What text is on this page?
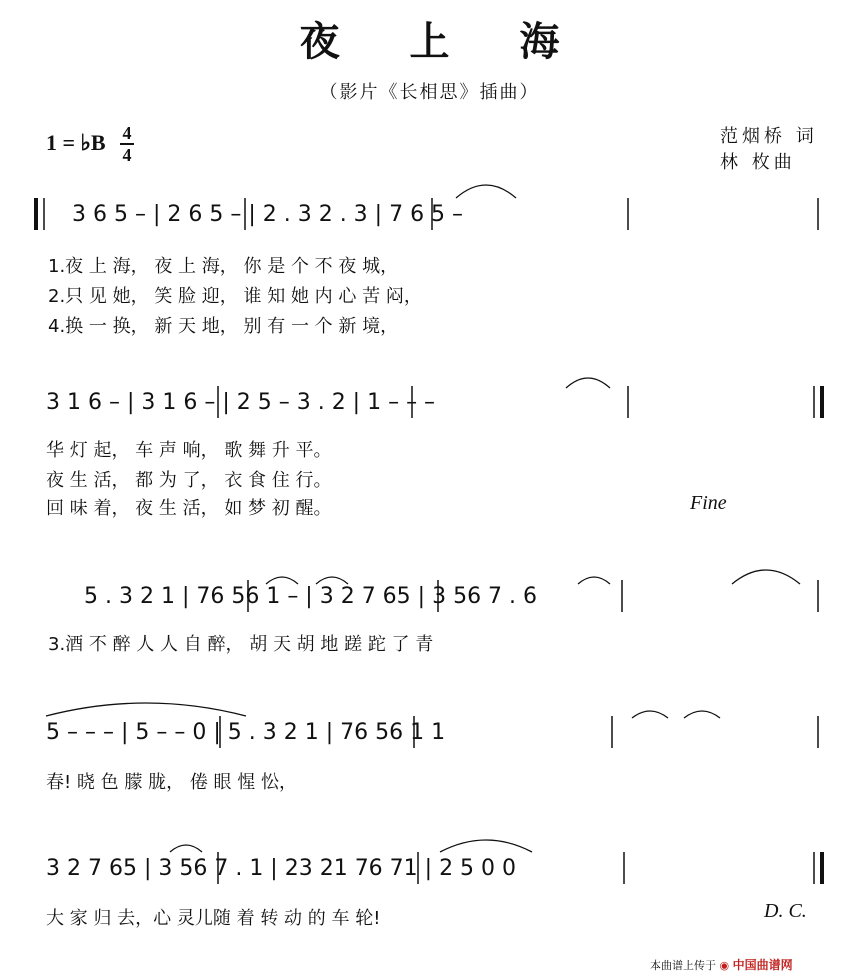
夜 上 海
（影片《长相思》插曲）
1 = ♭B 4
4
范烟桥 词
林 枚曲
3 6 5 – | 2 6 5 – | 2 . 3 2 . 3 | 7 6 5 –
1.夜 上 海， 夜 上 海， 你 是 个 不 夜 城，
2.只 见 她， 笑 脸 迎， 谁 知 她 内 心 苦 闷，
4.换 一 换， 新 天 地， 别 有 一 个 新 境，
3 1 6 – | 3 1 6 – | 2 5 – 3 . 2 | 1 – – –
华 灯 起， 车 声 响， 歌 舞 升 平。
夜 生 活， 都 为 了， 衣 食 住 行。
回 味 着， 夜 生 活， 如 梦 初 醒。	Fine
5 . 3 2 1 | 76 56 1 – | 3 2 7 65 | 3 56 7 . 6
3.酒 不 醉 人 人 自 醉， 胡 天 胡 地 蹉 跎 了 青
5 – – – | 5 – – 0 | 5 . 3 2 1 | 76 56 1 1
春! 晓 色 朦 胧， 倦 眼 惺 忪，
3 2 7 65 | 3 56 7 . 1 | 23 21 76 71 | 2 5 0 0
大 家 归 去，心 灵儿随 着 转 动 的 车 轮!	D. C.
本曲谱上传于 ◉ 中国曲谱网
